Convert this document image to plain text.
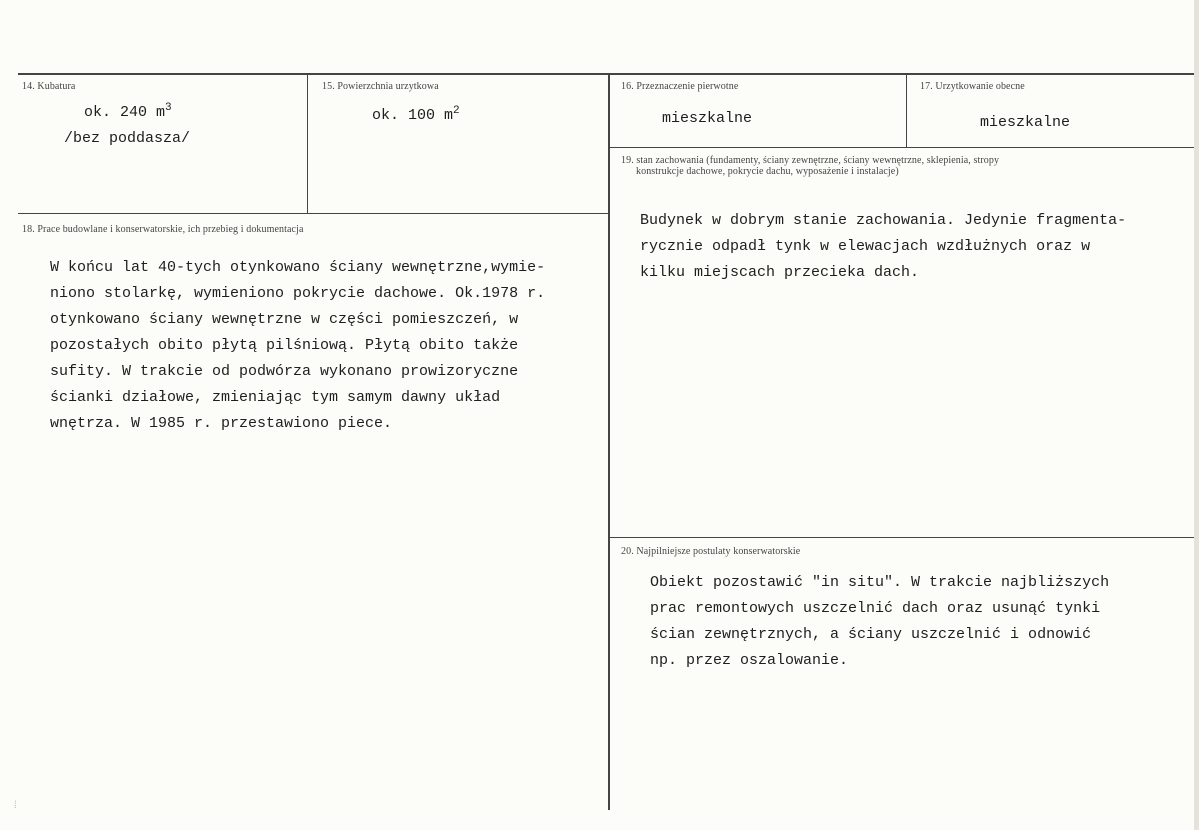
14. Kubatura
ok. 240 $m^3$
/bez poddasza/
15. Powierzchnia urzytkowa
ok. 100 $m^2$
16. Przeznaczenie pierwotne
mieszkalne
17. Urzytkowanie obecne
mieszkalne
19. stan zachowania (fundamenty, ściany zewnętrzne, ściany wewnętrzne, sklepienia, stropy
konstrukcje dachowe, pokrycie dachu, wyposażenie i instalacje)
Budynek w dobrym stanie zachowania. Jedynie fragmenta-
rycznie odpadł tynk w elewacjach wzdłużnych oraz w
kilku miejscach przecieka dach.
18. Prace budowlane i konserwatorskie, ich przebieg i dokumentacja
W końcu lat 40-tych otynkowano ściany wewnętrzne,wymie-
niono stolarkę, wymieniono pokrycie dachowe. Ok.1978 r.
otynkowano ściany wewnętrzne w części pomieszczeń, w
pozostałych obito płytą pilśniową. Płytą obito także
sufity. W trakcie od podwórza wykonano prowizoryczne
ścianki działowe, zmieniając tym samym dawny układ
wnętrza. W 1985 r. przestawiono piece.
20. Najpilniejsze postulaty konserwatorskie
Obiekt pozostawić "in situ". W trakcie najbliższych
prac remontowych uszczelnić dach oraz usunąć tynki
ścian zewnętrznych, a ściany uszczelnić i odnowić
np. przez oszalowanie.
⁞
